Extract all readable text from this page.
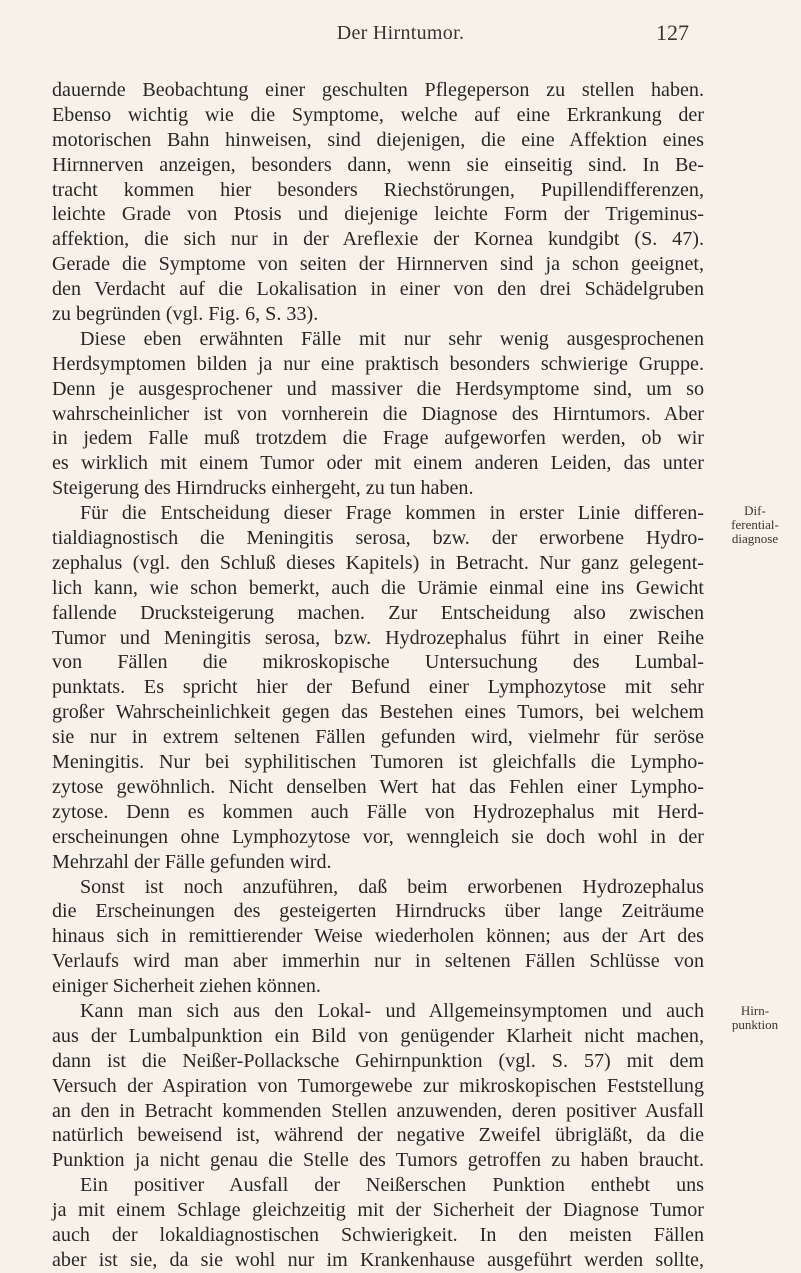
Der Hirntumor.	127
dauernde Beobachtung einer geschulten Pflegeperson zu stellen haben.
Ebenso wichtig wie die Symptome, welche auf eine Erkrankung der
motorischen Bahn hinweisen, sind diejenigen, die eine Affektion eines
Hirnnerven anzeigen, besonders dann, wenn sie einseitig sind. In Be-
tracht kommen hier besonders Riechstörungen, Pupillendifferenzen,
leichte Grade von Ptosis und diejenige leichte Form der Trigeminus-
affektion, die sich nur in der Areflexie der Kornea kundgibt (S. 47).
Gerade die Symptome von seiten der Hirnnerven sind ja schon geeignet,
den Verdacht auf die Lokalisation in einer von den drei Schädelgruben
zu begründen (vgl. Fig. 6, S. 33).
Diese eben erwähnten Fälle mit nur sehr wenig ausgesprochenen
Herdsymptomen bilden ja nur eine praktisch besonders schwierige Gruppe.
Denn je ausgesprochener und massiver die Herdsymptome sind, um so
wahrscheinlicher ist von vornherein die Diagnose des Hirntumors. Aber
in jedem Falle muß trotzdem die Frage aufgeworfen werden, ob wir
es wirklich mit einem Tumor oder mit einem anderen Leiden, das unter
Steigerung des Hirndrucks einhergeht, zu tun haben.
Für die Entscheidung dieser Frage kommen in erster Linie differen-
tialdiagnostisch die Meningitis serosa, bzw. der erworbene Hydro-
zephalus (vgl. den Schluß dieses Kapitels) in Betracht. Nur ganz gelegent-
lich kann, wie schon bemerkt, auch die Urämie einmal eine ins Gewicht
fallende Drucksteigerung machen. Zur Entscheidung also zwischen
Tumor und Meningitis serosa, bzw. Hydrozephalus führt in einer Reihe
von Fällen die mikroskopische Untersuchung des Lumbal-
punktats. Es spricht hier der Befund einer Lymphozytose mit sehr
großer Wahrscheinlichkeit gegen das Bestehen eines Tumors, bei welchem
sie nur in extrem seltenen Fällen gefunden wird, vielmehr für seröse
Meningitis. Nur bei syphilitischen Tumoren ist gleichfalls die Lympho-
zytose gewöhnlich. Nicht denselben Wert hat das Fehlen einer Lympho-
zytose. Denn es kommen auch Fälle von Hydrozephalus mit Herd-
erscheinungen ohne Lymphozytose vor, wenngleich sie doch wohl in der
Mehrzahl der Fälle gefunden wird.
Sonst ist noch anzuführen, daß beim erworbenen Hydrozephalus
die Erscheinungen des gesteigerten Hirndrucks über lange Zeiträume
hinaus sich in remittierender Weise wiederholen können; aus der Art des
Verlaufs wird man aber immerhin nur in seltenen Fällen Schlüsse von
einiger Sicherheit ziehen können.
Kann man sich aus den Lokal- und Allgemeinsymptomen und auch
aus der Lumbalpunktion ein Bild von genügender Klarheit nicht machen,
dann ist die Neißer-Pollacksche Gehirnpunktion (vgl. S. 57) mit dem
Versuch der Aspiration von Tumorgewebe zur mikroskopischen Feststellung
an den in Betracht kommenden Stellen anzuwenden, deren positiver Ausfall
natürlich beweisend ist, während der negative Zweifel übrigläßt, da die
Punktion ja nicht genau die Stelle des Tumors getroffen zu haben braucht.
Ein positiver Ausfall der Neißerschen Punktion enthebt uns
ja mit einem Schlage gleichzeitig mit der Sicherheit der Diagnose Tumor
auch der lokaldiagnostischen Schwierigkeit. In den meisten Fällen
aber ist sie, da sie wohl nur im Krankenhause ausgeführt werden sollte,
Dif-
ferential-
diagnose
Hirn-
punktion
